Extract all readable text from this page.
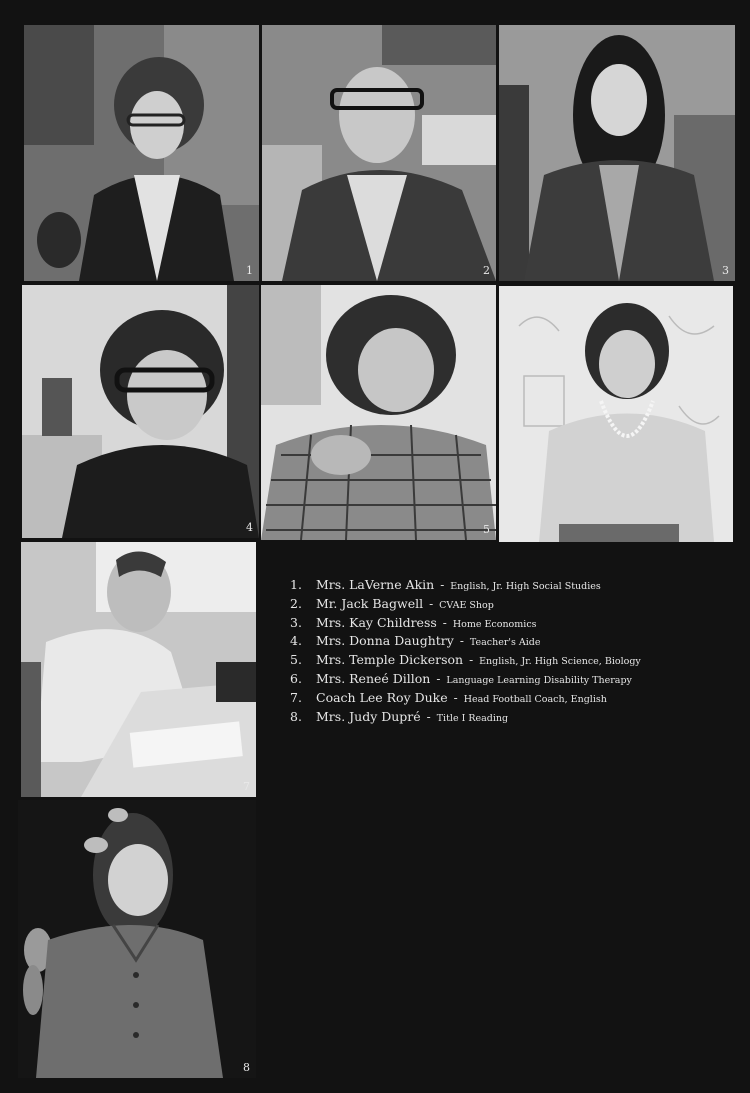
1	2	3
4	5	6
7
8
1. Mrs. LaVerne Akin - English, Jr. High Social Studies
2. Mr. Jack Bagwell - CVAE Shop
3. Mrs. Kay Childress - Home Economics
4. Mrs. Donna Daughtry - Teacher's Aide
5. Mrs. Temple Dickerson - English, Jr. High Science, Biology
6. Mrs. Reneé Dillon - Language Learning Disability Therapy
7. Coach Lee Roy Duke - Head Football Coach, English
8. Mrs. Judy Dupré - Title I Reading
